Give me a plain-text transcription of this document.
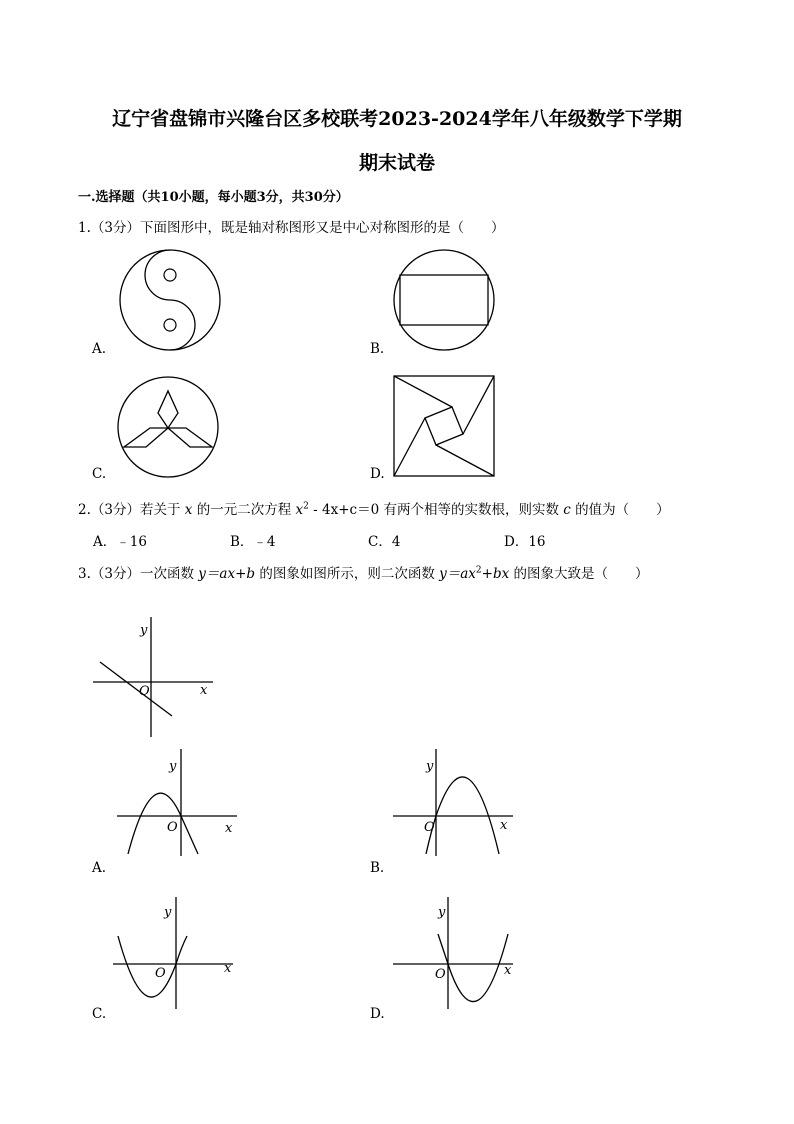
辽宁省盘锦市兴隆台区多校联考2023-2024学年八年级数学下学期
期末试卷
一.选择题（共10小题，每小题3分，共30分）
1.（3分）下面图形中，既是轴对称图形又是中心对称图形的是（　　）
A.	B.
C.	D.
2.（3分）若关于 x 的一元二次方程 $x^2 - 4x+c=0$ 有两个相等的实数根，则实数 c 的值为（　　）
A．﹣16	B．﹣4	C．4	D．16
3.（3分）一次函数 y＝ax+b 的图象如图所示，则二次函数 $y=ax^2+bx$ 的图象大致是（　　）
y
x
O
y
x
O
A.
y
x
O
B.
y
x
O
C.
y
x
O
D.
